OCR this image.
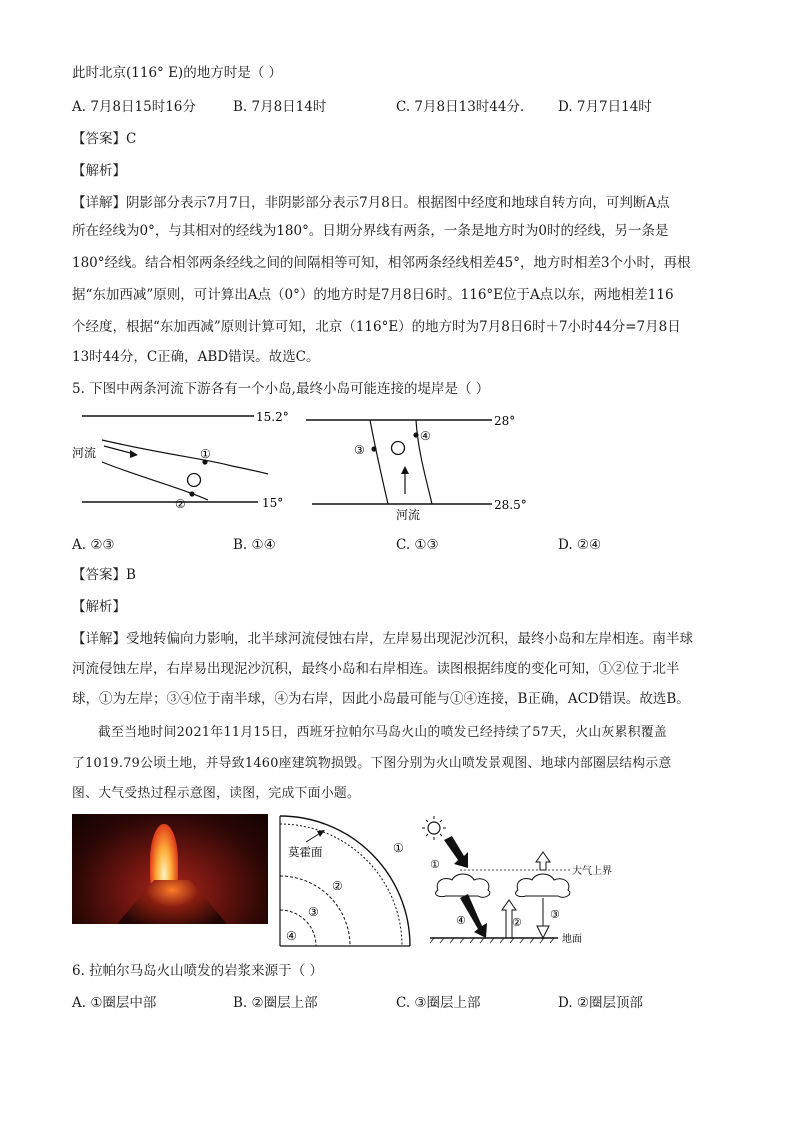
此时北京(116° E)的地方时是（ ）
A. 7月8日15时16分	B. 7月8日14时	C. 7月8日13时44分． D. 7月7日14时
【答案】C
【解析】
【详解】阴影部分表示7月7日，非阴影部分表示7月8日。根据图中经度和地球自转方向，可判断A点
所在经线为0°，与其相对的经线为180°。日期分界线有两条，一条是地方时为0时的经线，另一条是
180°经线。结合相邻两条经线之间的间隔相等可知，相邻两条经线相差45°，地方时相差3个小时，再根
据“东加西减”原则，可计算出A点（0°）的地方时是7月8日6时。116°E位于A点以东，两地相差116
个经度，根据“东加西减”原则计算可知，北京（116°E）的地方时为7月8日6时＋7小时44分=7月8日
13时44分，C正确，ABD错误。故选C。
5. 下图中两条河流下游各有一个小岛,最终小岛可能连接的堤岸是（ ）
15.2°
15°
河流	①
②
28°
28.5°
③
④
河流
A. ②③	B. ①④	C. ①③	D. ②④
【答案】B
【解析】
【详解】受地转偏向力影响，北半球河流侵蚀右岸，左岸易出现泥沙沉积，最终小岛和左岸相连。南半球
河流侵蚀左岸，右岸易出现泥沙沉积，最终小岛和右岸相连。读图根据纬度的变化可知，①②位于北半
球，①为左岸；③④位于南半球，④为右岸，因此小岛最可能与①④连接，B正确，ACD错误。故选B。
截至当地时间2021年11月15日，西班牙拉帕尔马岛火山的喷发已经持续了57天，火山灰累积覆盖
了1019.79公顷土地，并导致1460座建筑物损毁。下图分别为火山喷发景观图、地球内部圈层结构示意
图、大气受热过程示意图，读图，完成下面小题。
莫霍面	①
②
③
④
大气上界
①
④	②
③
地面
6. 拉帕尔马岛火山喷发的岩浆来源于（ ）
A. ①圈层中部	B. ②圈层上部	C. ③圈层上部	D. ②圈层顶部
